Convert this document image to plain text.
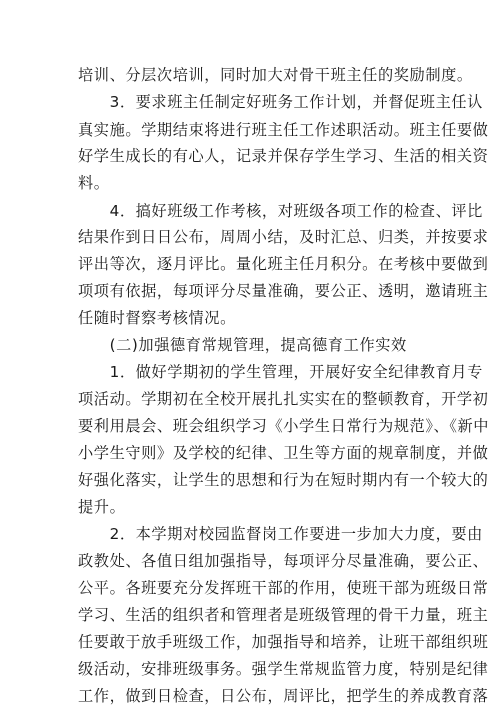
培训、分层次培训，同时加大对骨干班主任的奖励制度。
　　3．要求班主任制定好班务工作计划，并督促班主任认
真实施。学期结束将进行班主任工作述职活动。班主任要做
好学生成长的有心人，记录并保存学生学习、生活的相关资
料。
　　4．搞好班级工作考核，对班级各项工作的检查、评比
结果作到日日公布，周周小结，及时汇总、归类，并按要求
评出等次，逐月评比。量化班主任月积分。在考核中要做到
项项有依据，每项评分尽量准确，要公正、透明，邀请班主
任随时督察考核情况。
　　(二)加强德育常规管理，提高德育工作实效
　　1．做好学期初的学生管理，开展好安全纪律教育月专
项活动。学期初在全校开展扎扎实实在的整顿教育，开学初
要利用晨会、班会组织学习《小学生日常行为规范》、《新中
小学生守则》及学校的纪律、卫生等方面的规章制度，并做
好强化落实，让学生的思想和行为在短时期内有一个较大的
提升。
　　2．本学期对校园监督岗工作要进一步加大力度，要由
政教处、各值日组加强指导，每项评分尽量准确，要公正、
公平。各班要充分发挥班干部的作用，使班干部为班级日常
学习、生活的组织者和管理者是班级管理的骨干力量，班主
任要敢于放手班级工作，加强指导和培养，让班干部组织班
级活动，安排班级事务。强学生常规监管力度，特别是纪律
工作，做到日检查，日公布，周评比，把学生的养成教育落
